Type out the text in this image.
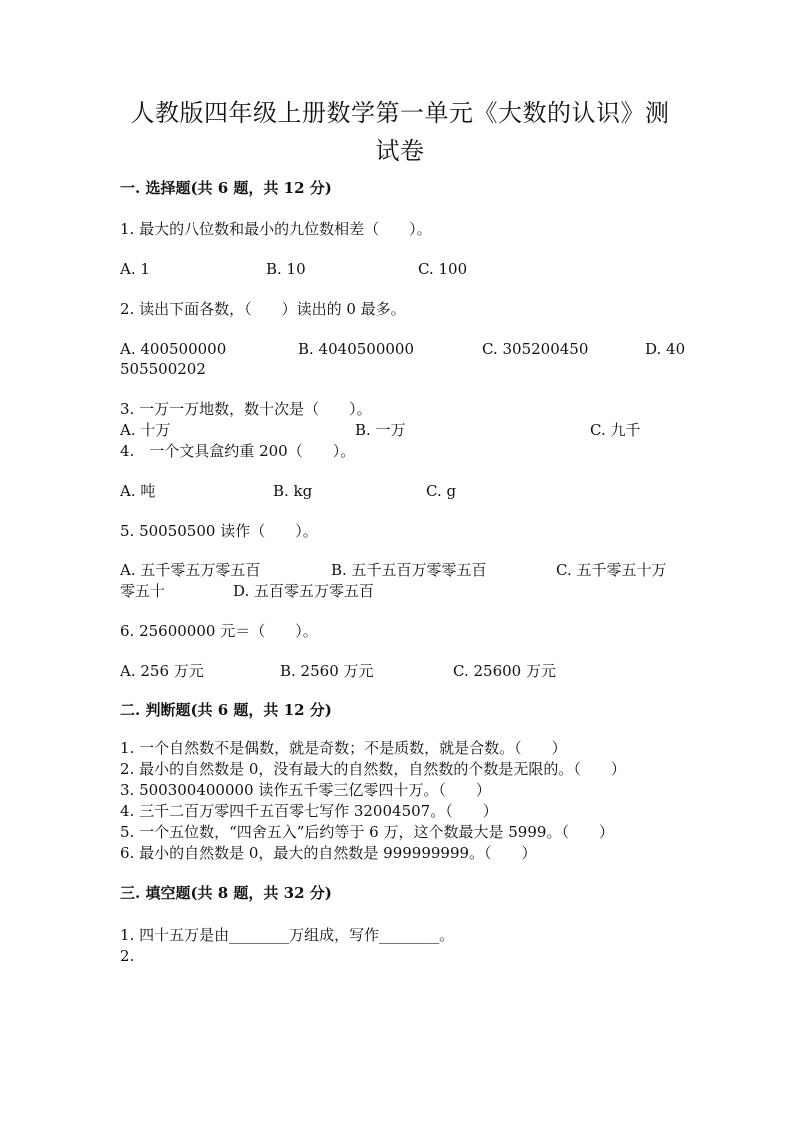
人教版四年级上册数学第一单元《大数的认识》测试卷
一. 选择题(共 6 题，共 12 分)
1. 最大的八位数和最小的九位数相差（　　）。
A. 1	B. 10	C. 100
2. 读出下面各数，（　　）读出的 0 最多。
A. 400500000	B. 4040500000	C. 305200450	D. 40
505500202
3. 一万一万地数，数十次是（　　）。
A. 十万	B. 一万	C. 九千
4.　一个文具盒约重 200（　　）。
A. 吨	B. kg	C. g
5. 50050500 读作（　　）。
A. 五千零五万零五百	B. 五千五百万零零五百	C. 五千零五十万
零五十	D. 五百零五万零五百
6. 25600000 元＝（　　）。
A. 256 万元	B. 2560 万元	C. 25600 万元
二. 判断题(共 6 题，共 12 分)
1. 一个自然数不是偶数，就是奇数；不是质数，就是合数。（　　）
2. 最小的自然数是 0，没有最大的自然数，自然数的个数是无限的。（　　）
3. 500300400000 读作五千零三亿零四十万。（　　）
4. 三千二百万零四千五百零七写作 32004507。（　　）
5. 一个五位数，“四舍五入”后约等于 6 万，这个数最大是 5999。（　　）
6. 最小的自然数是 0，最大的自然数是 999999999。（　　）
三. 填空题(共 8 题，共 32 分)
1. 四十五万是由________万组成，写作________。
2.
